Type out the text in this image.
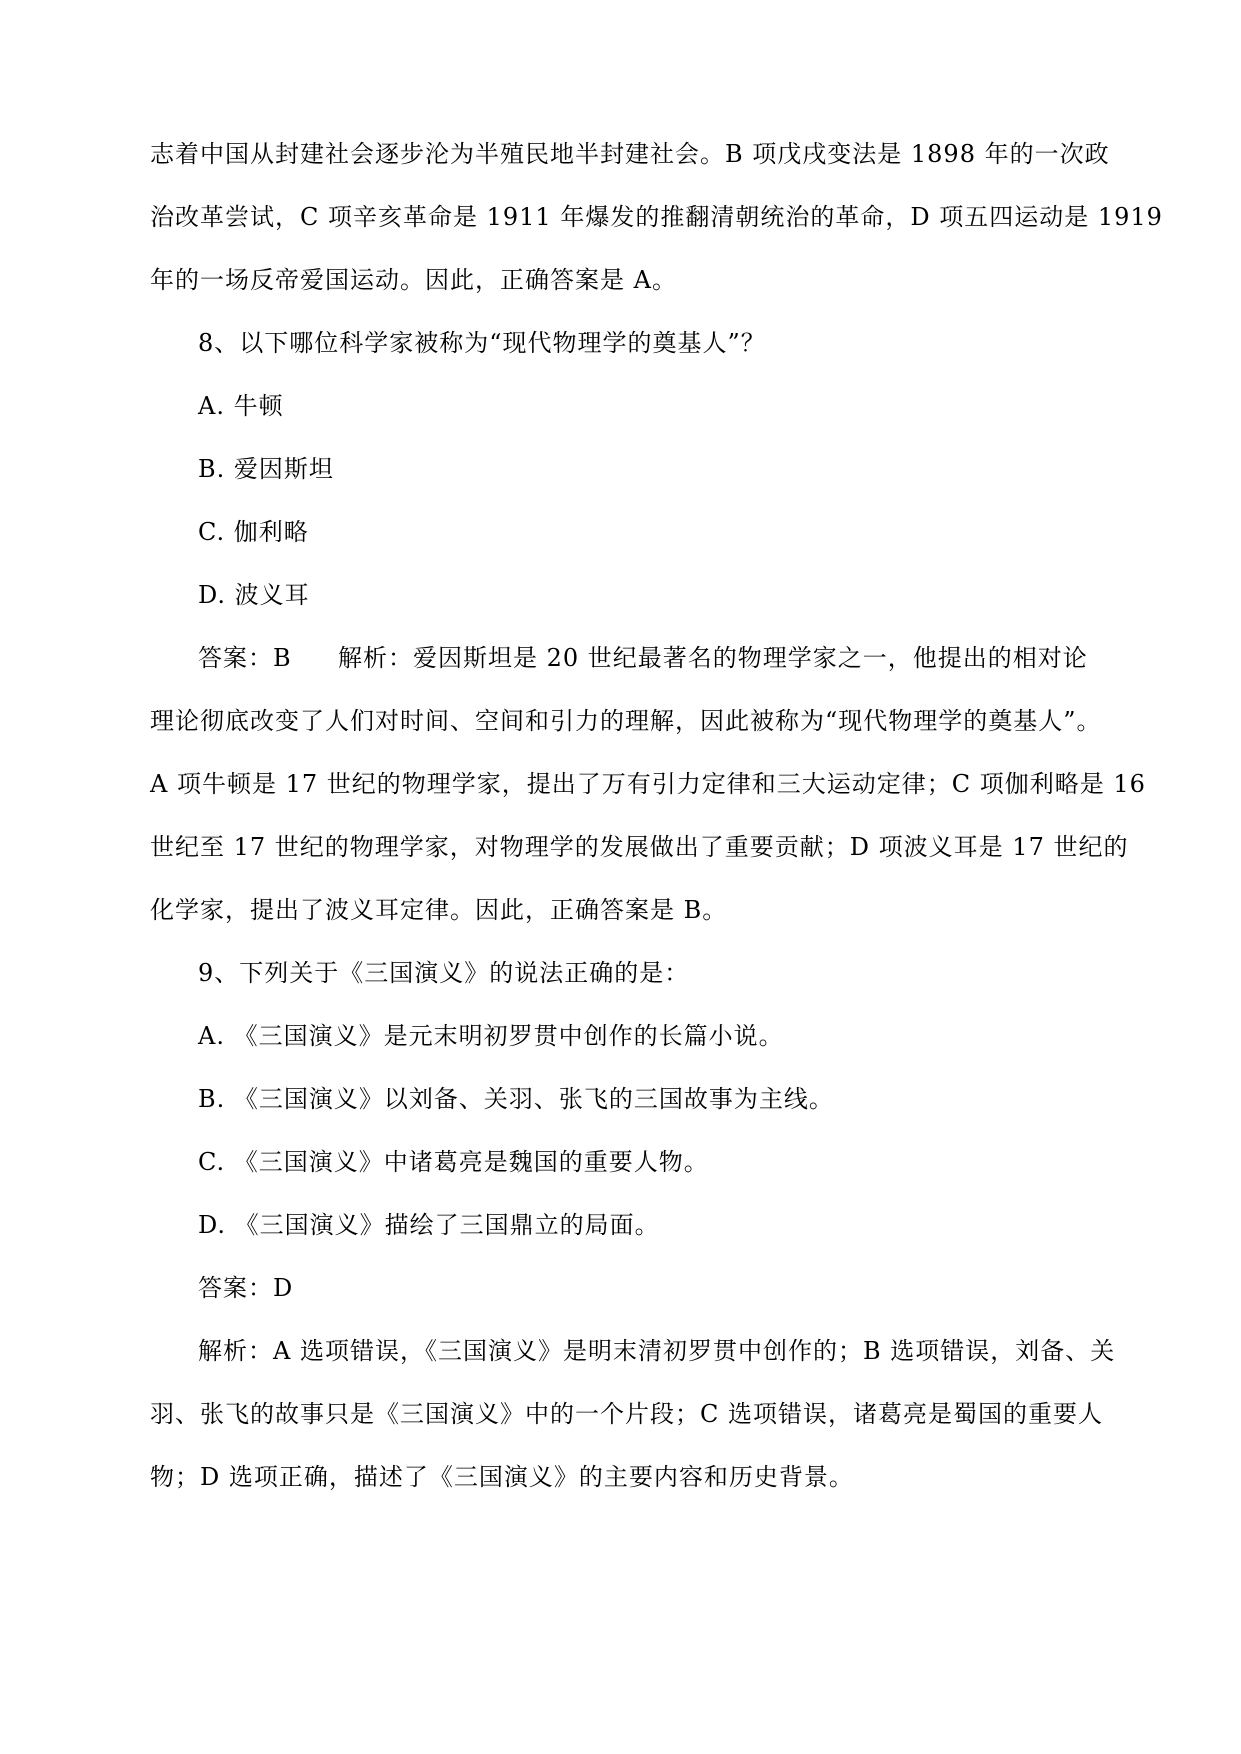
志着中国从封建社会逐步沦为半殖民地半封建社会。B 项戊戌变法是 1898 年的一次政
治改革尝试，C 项辛亥革命是 1911 年爆发的推翻清朝统治的革命，D 项五四运动是 1919
年的一场反帝爱国运动。因此，正确答案是 A。
8、以下哪位科学家被称为“现代物理学的奠基人”？
A. 牛顿
B. 爱因斯坦
C. 伽利略
D. 波义耳
答案：B 解析：爱因斯坦是 20 世纪最著名的物理学家之一，他提出的相对论
理论彻底改变了人们对时间、空间和引力的理解，因此被称为“现代物理学的奠基人”。
A 项牛顿是 17 世纪的物理学家，提出了万有引力定律和三大运动定律；C 项伽利略是 16
世纪至 17 世纪的物理学家，对物理学的发展做出了重要贡献；D 项波义耳是 17 世纪的
化学家，提出了波义耳定律。因此，正确答案是 B。
9、下列关于《三国演义》的说法正确的是：
A. 《三国演义》是元末明初罗贯中创作的长篇小说。
B. 《三国演义》以刘备、关羽、张飞的三国故事为主线。
C. 《三国演义》中诸葛亮是魏国的重要人物。
D. 《三国演义》描绘了三国鼎立的局面。
答案：D
解析：A 选项错误，《三国演义》是明末清初罗贯中创作的；B 选项错误，刘备、关
羽、张飞的故事只是《三国演义》中的一个片段；C 选项错误，诸葛亮是蜀国的重要人
物；D 选项正确，描述了《三国演义》的主要内容和历史背景。
